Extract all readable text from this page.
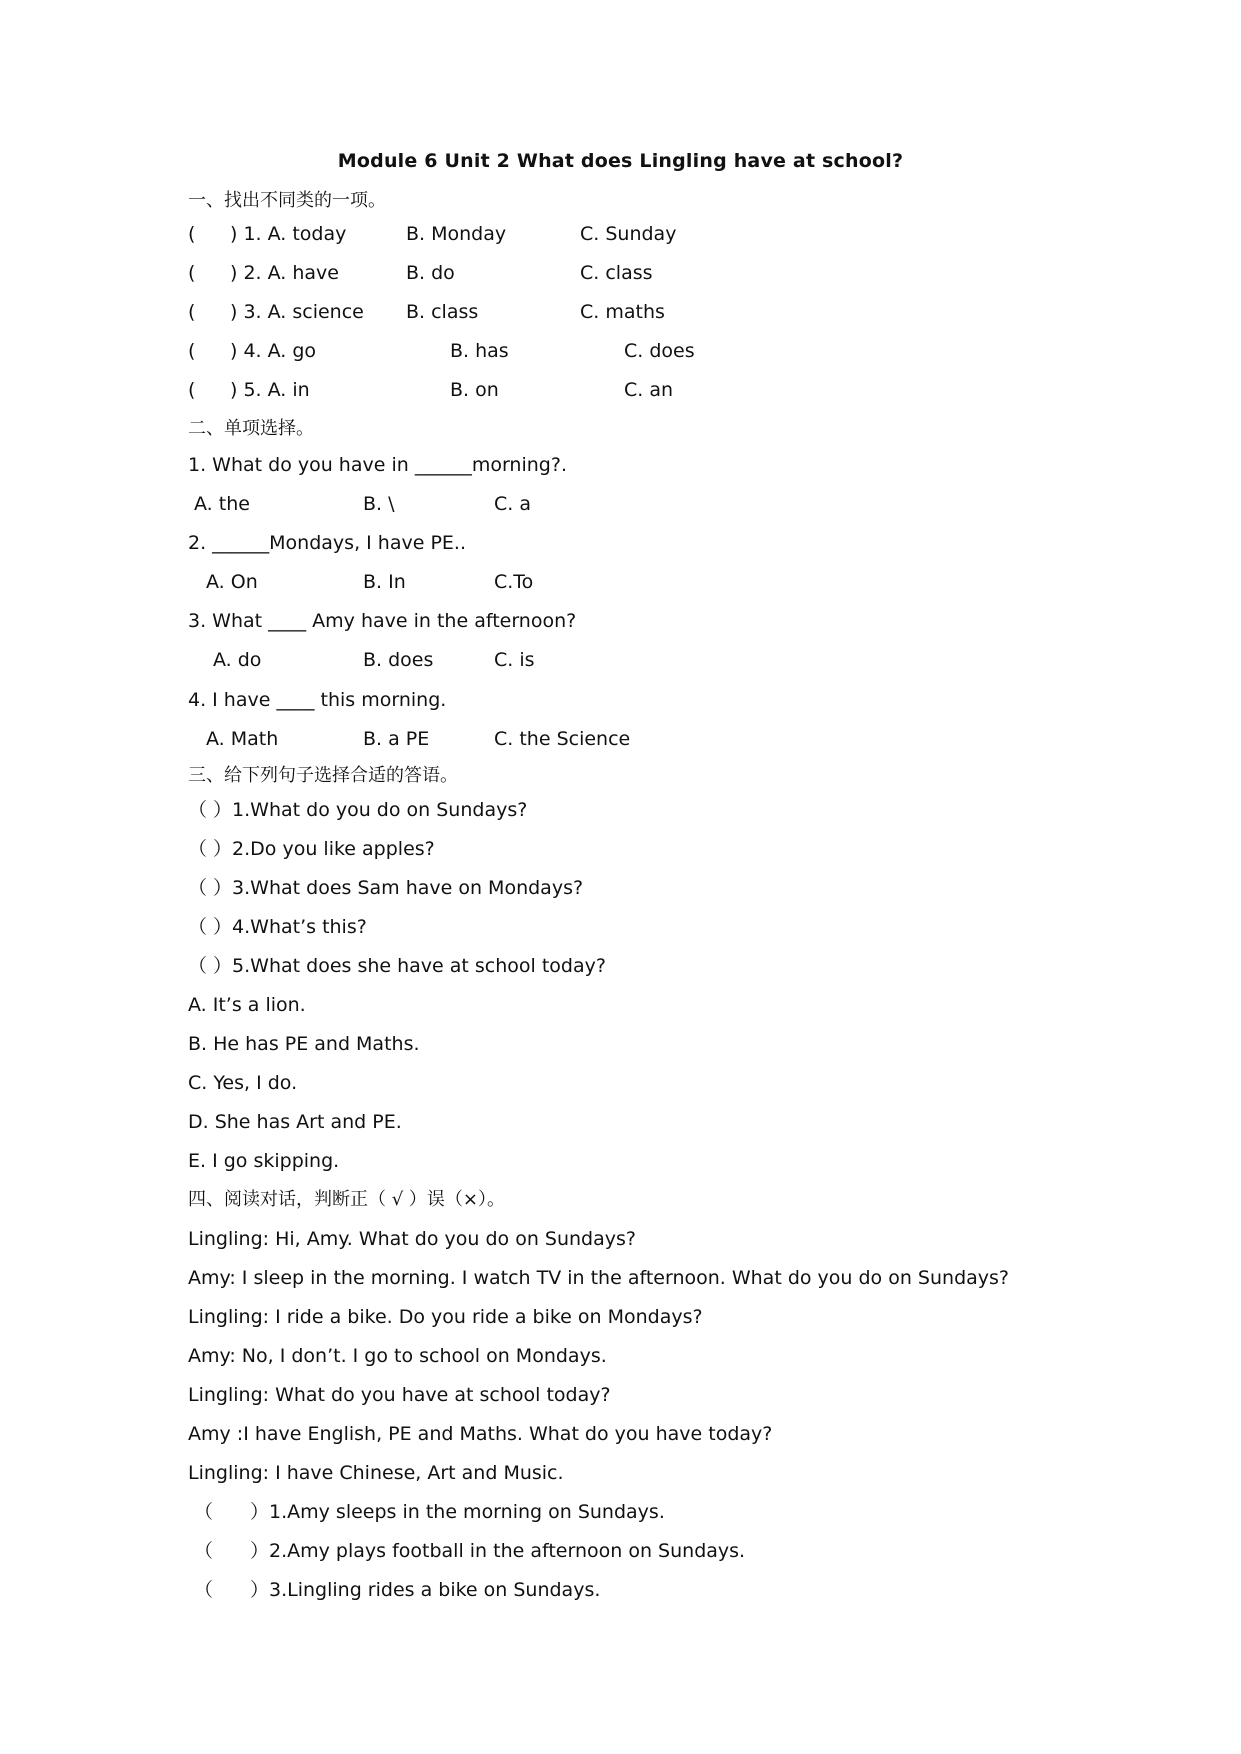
Module 6 Unit 2 What does Lingling have at school?
一、找出不同类的一项。
( ) 1. A. today	B. Monday	C. Sunday
( ) 2. A. have	B. do	C. class
( ) 3. A. science B. class	C. maths
( ) 4. A. go	B. has	C. does
( ) 5. A. in	B. on	C. an
二、单项选择。
1. What do you have in ______morning?.
A. the	B. \	C. a
2. ______Mondays, I have PE..
A. On	B. In	C.To
3. What ____ Amy have in the afternoon?
A. do	B. does	C. is
4. I have ____ this morning.
A. Math	B. a PE	C. the Science
三、给下列句子选择合适的答语。
（ ）1.What do you do on Sundays?
（ ）2.Do you like apples?
（ ）3.What does Sam have on Mondays?
（ ）4.What’s this?
（ ）5.What does she have at school today?
A. It’s a lion.
B. He has PE and Maths.
C. Yes, I do.
D. She has Art and PE.
E. I go skipping.
四、阅读对话，判断正（ √ ）误（×）。
Lingling: Hi, Amy. What do you do on Sundays?
Amy: I sleep in the morning. I watch TV in the afternoon. What do you do on Sundays?
Lingling: I ride a bike. Do you ride a bike on Mondays?
Amy: No, I don’t. I go to school on Mondays.
Lingling: What do you have at school today?
Amy :I have English, PE and Maths. What do you have today?
Lingling: I have Chinese, Art and Music.
（ ）1.Amy sleeps in the morning on Sundays.
（ ）2.Amy plays football in the afternoon on Sundays.
（ ）3.Lingling rides a bike on Sundays.
